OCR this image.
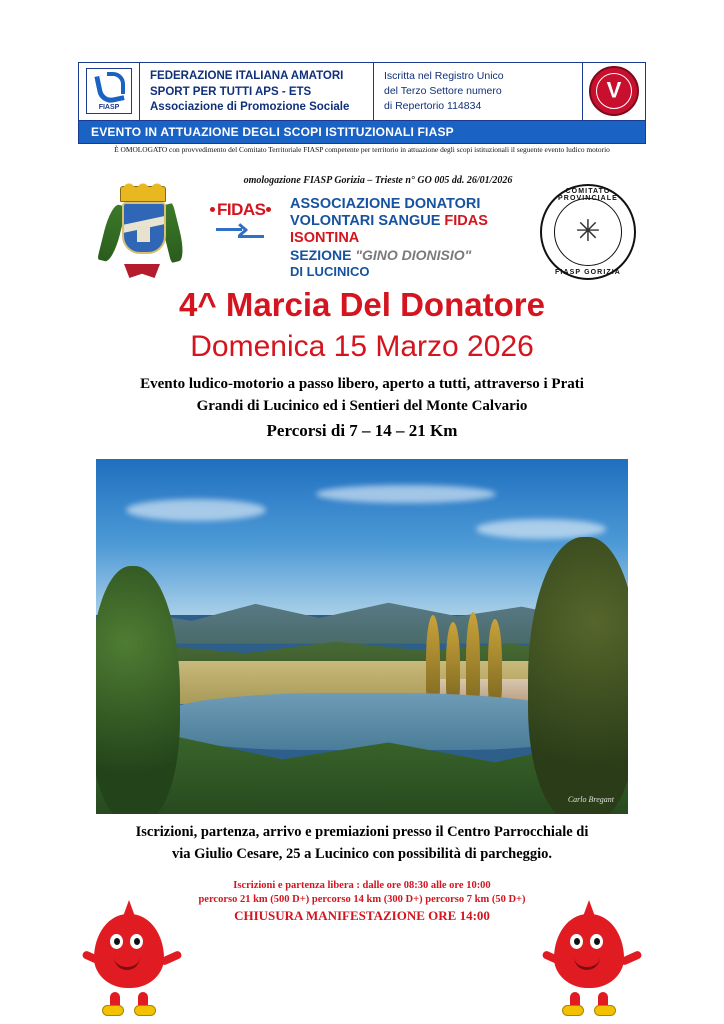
FIASP
FEDERAZIONE ITALIANA AMATORI
SPORT PER TUTTI APS - ETS
Associazione di Promozione Sociale
Iscritta nel Registro Unico
del Terzo Settore numero
di Repertorio 114834
V
EVENTO IN ATTUAZIONE DEGLI SCOPI ISTITUZIONALI FIASP
È OMOLOGATO con provvedimento del Comitato Territoriale FIASP competente per territorio in attuazione degli scopi istituzionali il seguente evento ludico motorio
omologazione FIASP Gorizia – Trieste n° GO 005 dd. 26/01/2026
FIDAS	ASSOCIAZIONE DONATORI
VOLONTARI SANGUE FIDAS ISONTINA
SEZIONE "GINO DIONISIO"
DI LUCINICO
COMITATO PROVINCIALE
✳
FIASP GORIZIA
4^ Marcia Del Donatore
Domenica 15 Marzo 2026
Evento ludico-motorio a passo libero, aperto a tutti, attraverso i Prati
Grandi di Lucinico ed i Sentieri del Monte Calvario
Percorsi di 7 – 14 – 21 Km
Carlo Bregant
Iscrizioni, partenza, arrivo e premiazioni presso il Centro Parrocchiale di
via Giulio Cesare, 25 a Lucinico con possibilità di parcheggio.
Iscrizioni e partenza libera : dalle ore 08:30 alle ore 10:00
percorso 21 km (500 D+) percorso 14 km (300 D+) percorso 7 km (50 D+)
CHIUSURA MANIFESTAZIONE ORE 14:00
